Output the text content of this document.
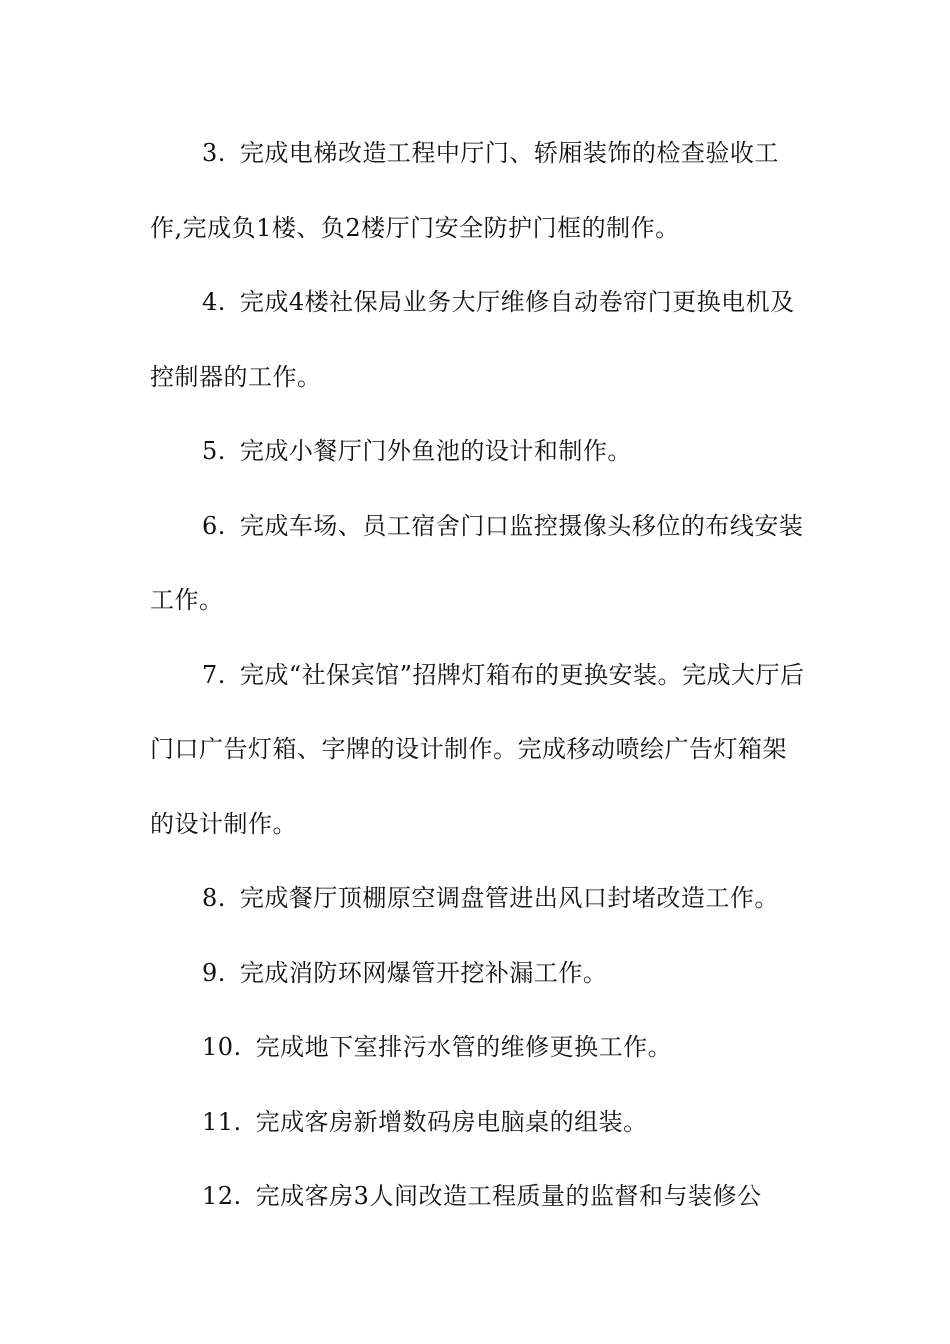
3. 完成电梯改造工程中厅门、轿厢装饰的检查验收工作,完成负1楼、负2楼厅门安全防护门框的制作。

4. 完成4楼社保局业务大厅维修自动卷帘门更换电机及控制器的工作。

5. 完成小餐厅门外鱼池的设计和制作。

6. 完成车场、员工宿舍门口监控摄像头移位的布线安装工作。

7. 完成“社保宾馆”招牌灯箱布的更换安装。完成大厅后门口广告灯箱、字牌的设计制作。完成移动喷绘广告灯箱架的设计制作。

8. 完成餐厅顶棚原空调盘管进出风口封堵改造工作。

9. 完成消防环网爆管开挖补漏工作。

10. 完成地下室排污水管的维修更换工作。

11. 完成客房新增数码房电脑桌的组装。

12. 完成客房3人间改造工程质量的监督和与装修公
